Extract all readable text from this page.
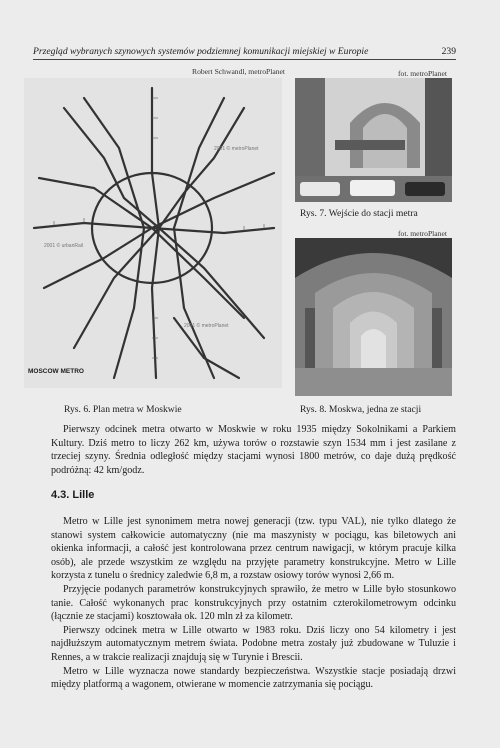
Przegląd wybranych szynowych systemów podziemnej komunikacji miejskiej w Europie	239
Robert Schwandl, metroPlanet
2001 © metroPlanet
2001 © urbanRail
2001 © metroPlanet
MOSCOW METRO
Rys. 6. Plan metra w Moskwie
fot. metroPlanet
Rys. 7. Wejście do stacji metra
fot. metroPlanet
Rys. 8. Moskwa, jedna ze stacji

Pierwszy odcinek metra otwarto w Moskwie w roku 1935 między Sokolnikami a Parkiem Kultury. Dziś metro to liczy 262 km, używa torów o rozstawie szyn 1534 mm i jest zasilane z trzeciej szyny. Średnia odległość między stacjami wynosi 1800 metrów, co daje dużą prędkość podróżną: 42 km/godz.

4.3. Lille

Metro w Lille jest synonimem metra nowej generacji (tzw. typu VAL), nie tylko dlatego że stanowi system całkowicie automatyczny (nie ma maszynisty w pociągu, kas biletowych ani okienka informacji, a całość jest kontrolowana przez centrum nawigacji, w którym pracuje kilka osób), ale przede wszystkim ze względu na przyjęte parametry konstrukcyjne. Metro w Lille korzysta z tunelu o średnicy zaledwie 6,8 m, a rozstaw osiowy torów wynosi 2,66 m.

Przyjęcie podanych parametrów konstrukcyjnych sprawiło, że metro w Lille było stosunkowo tanie. Całość wykonanych prac konstrukcyjnych przy ostatnim czterokilometrowym odcinku (łącznie ze stacjami) kosztowała ok. 120 mln zł za kilometr.

Pierwszy odcinek metra w Lille otwarto w 1983 roku. Dziś liczy ono 54 kilometry i jest najdłuższym automatycznym metrem świata. Podobne metra zostały już zbudowane w Tuluzie i Rennes, a w trakcie realizacji znajdują się w Turynie i Brescii.

Metro w Lille wyznacza nowe standardy bezpieczeństwa. Wszystkie stacje posiadają drzwi między platformą a wagonem, otwierane w momencie zatrzymania się pociągu.
